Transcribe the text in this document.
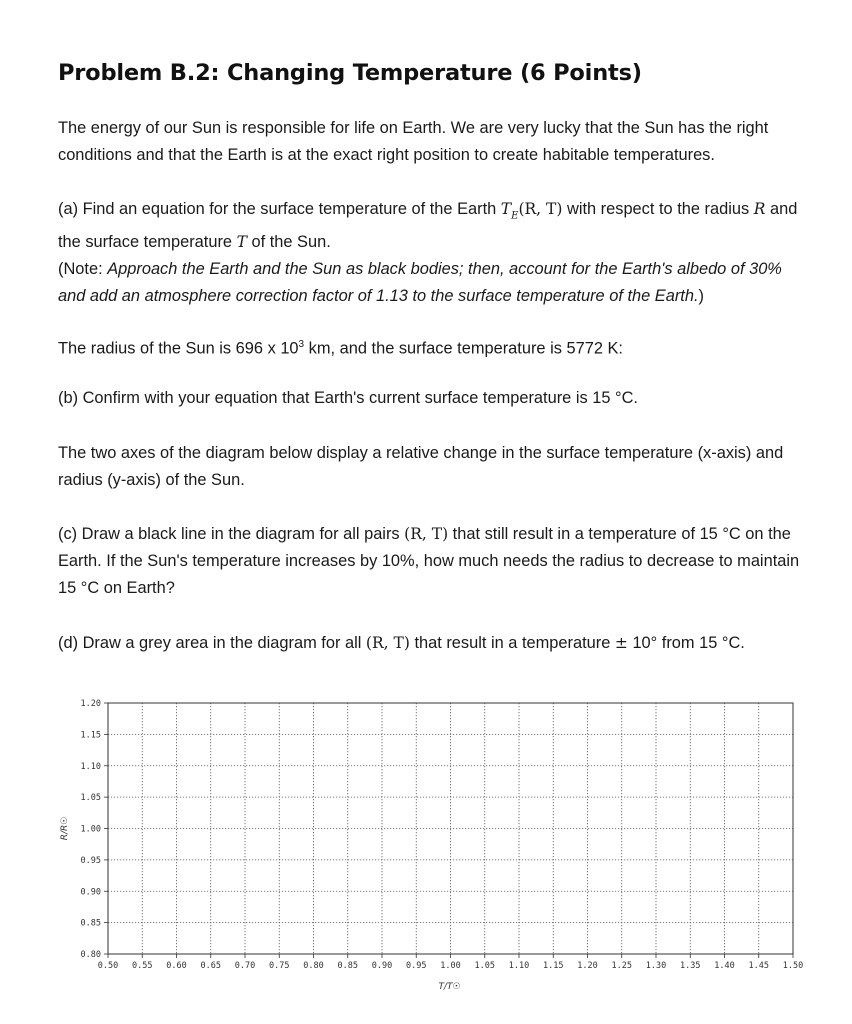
Problem B.2: Changing Temperature (6 Points)
The energy of our Sun is responsible for life on Earth. We are very lucky that the Sun has the right conditions and that the Earth is at the exact right position to create habitable temperatures.
(a) Find an equation for the surface temperature of the Earth $T_E(R$, T) with respect to the radius R and the surface temperature T of the Sun.
(Note: Approach the Earth and the Sun as black bodies; then, account for the Earth's albedo of 30% and add an atmosphere correction factor of 1.13 to the surface temperature of the Earth.)
The radius of the Sun is 696 x $10^3$ km, and the surface temperature is 5772 K:
(b) Confirm with your equation that Earth's current surface temperature is 15 °C.
The two axes of the diagram below display a relative change in the surface temperature (x-axis) and radius (y-axis) of the Sun.
(c) Draw a black line in the diagram for all pairs (R, T) that still result in a temperature of 15 °C on the Earth. If the Sun's temperature increases by 10%, how much needs the radius to decrease to maintain 15 °C on Earth?
(d) Draw a grey area in the diagram for all (R, T) that result in a temperature ± 10° from 15 °C.
0.50 0.55 0.60 0.65 0.70 0.75 0.80 0.85 0.90 0.95 1.00 1.05 1.10 1.15 1.20 1.25 1.30 1.35 1.40 1.45 1.50
0.80
0.85
0.90
0.95
1.00
1.05
1.10
1.15
1.20
T/T☉
R/R☉
